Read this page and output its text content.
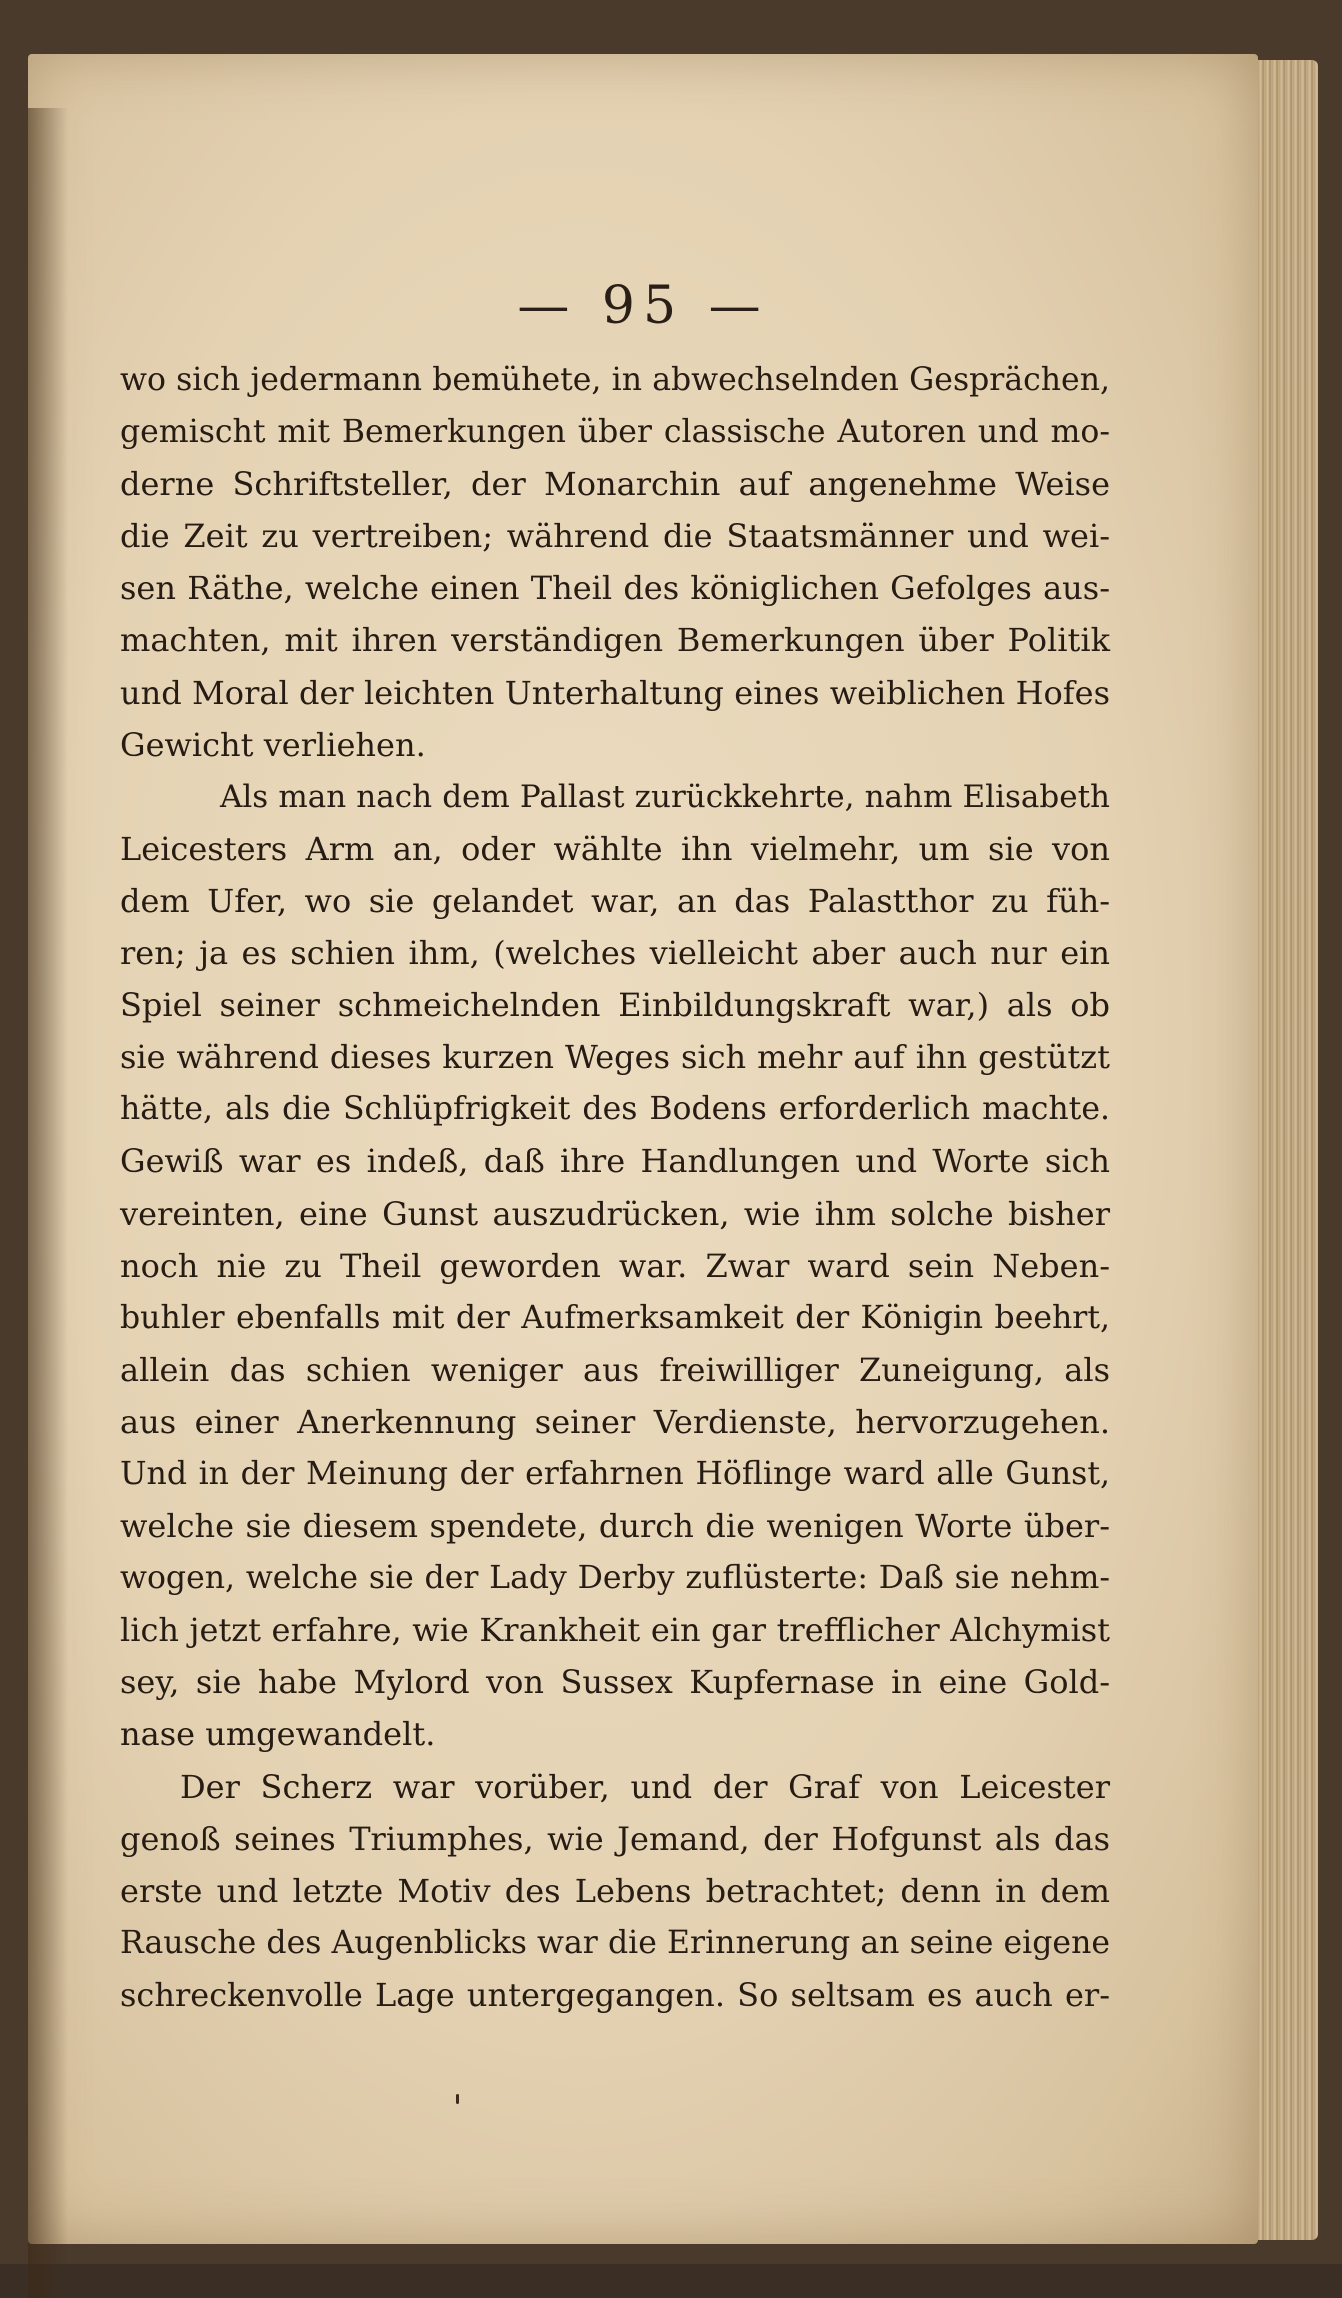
— 95 —

wo sich jedermann bemühete, in abwechselnden Gesprächen,
gemischt mit Bemerkungen über classische Autoren und mo-
derne Schriftsteller, der Monarchin auf angenehme Weise
die Zeit zu vertreiben; während die Staatsmänner und wei-
sen Räthe, welche einen Theil des königlichen Gefolges aus-
machten, mit ihren verständigen Bemerkungen über Politik
und Moral der leichten Unterhaltung eines weiblichen Hofes
Gewicht verliehen.

Als man nach dem Pallast zurückkehrte, nahm Elisabeth
Leicesters Arm an, oder wählte ihn vielmehr, um sie von
dem Ufer, wo sie gelandet war, an das Palastthor zu füh-
ren; ja es schien ihm, (welches vielleicht aber auch nur ein
Spiel seiner schmeichelnden Einbildungskraft war,) als ob
sie während dieses kurzen Weges sich mehr auf ihn gestützt
hätte, als die Schlüpfrigkeit des Bodens erforderlich machte.
Gewiß war es indeß, daß ihre Handlungen und Worte sich
vereinten, eine Gunst auszudrücken, wie ihm solche bisher
noch nie zu Theil geworden war. Zwar ward sein Neben-
buhler ebenfalls mit der Aufmerksamkeit der Königin beehrt,
allein das schien weniger aus freiwilliger Zuneigung, als
aus einer Anerkennung seiner Verdienste, hervorzugehen.
Und in der Meinung der erfahrnen Höflinge ward alle Gunst,
welche sie diesem spendete, durch die wenigen Worte über-
wogen, welche sie der Lady Derby zuflüsterte: Daß sie nehm-
lich jetzt erfahre, wie Krankheit ein gar trefflicher Alchymist
sey, sie habe Mylord von Sussex Kupfernase in eine Gold-
nase umgewandelt.

Der Scherz war vorüber, und der Graf von Leicester
genoß seines Triumphes, wie Jemand, der Hofgunst als das
erste und letzte Motiv des Lebens betrachtet; denn in dem
Rausche des Augenblicks war die Erinnerung an seine eigene
schreckenvolle Lage untergegangen. So seltsam es auch er-
